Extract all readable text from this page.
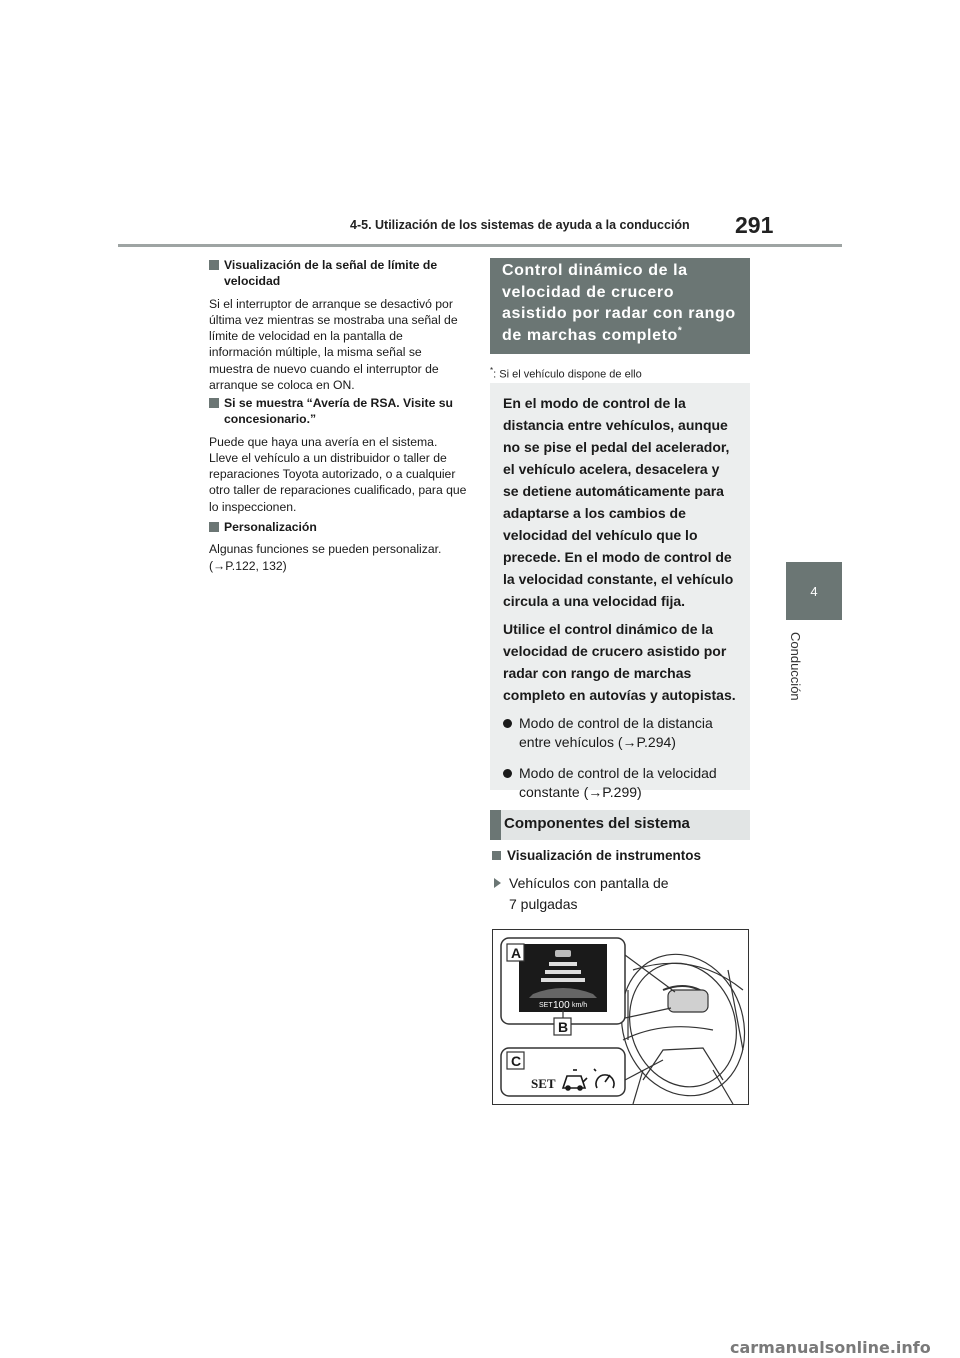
4-5. Utilización de los sistemas de ayuda a la conducción 291
4
Conducción
Visualización de la señal de límite de velocidad
Si el interruptor de arranque se desactivó por última vez mientras se mostraba una señal de límite de velocidad en la pantalla de información múltiple, la misma señal se muestra de nuevo cuando el interruptor de arranque se coloca en ON.
Si se muestra “Avería de RSA. Visite su concesionario.”
Puede que haya una avería en el sistema. Lleve el vehículo a un distribuidor o taller de reparaciones Toyota autorizado, o a cualquier otro taller de reparaciones cualificado, para que lo inspeccionen.
Personalización
Algunas funciones se pueden personalizar. (→P.122, 132)
Control dinámico de la velocidad de crucero asistido por radar con rango de marchas completo*
*: Si el vehículo dispone de ello

En el modo de control de la distancia entre vehículos, aunque no se pise el pedal del acelerador, el vehículo acelera, desacelera y se detiene automáticamente para adaptarse a los cambios de velocidad del vehículo que lo precede. En el modo de control de la velocidad constante, el vehículo circula a una velocidad fija.

Utilice el control dinámico de la velocidad de crucero asistido por radar con rango de marchas completo en autovías y autopistas.

Modo de control de la distancia entre vehículos (→P.294)
Modo de control de la velocidad constante (→P.299)
Componentes del sistema
Visualización de instrumentos
Vehículos con pantalla de
7 pulgadas
SET 100 km/h
A
B
C
SET
carmanualsonline.info
